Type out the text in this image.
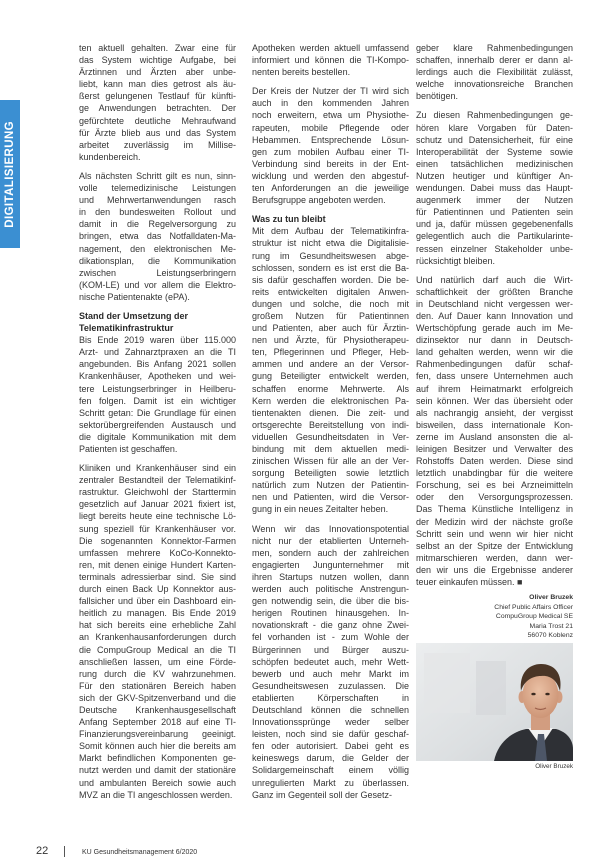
DIGITALISIERUNG

ten aktuell gehalten. Zwar eine für
das System wichtige Aufgabe, bei
Ärztinnen und Ärzten aber unbe-
liebt, kann man dies getrost als äu-
ßerst gelungenen Testlauf für künfti-
ge Anwendungen betrachten. Der
gefürchtete deutliche Mehraufwand
für Ärzte blieb aus und das System
arbeitet zuverlässig im Millise-
kundenbereich.

Als nächsten Schritt gilt es nun, sinn-
volle telemedizinische Leistungen
und Mehrwertanwendungen rasch
in den bundesweiten Rollout und
damit in die Regelversorgung zu
bringen, etwa das Notfalldaten-Ma-
nagement, den elektronischen Me-
dikationsplan, die Kommunikation
zwischen Leistungserbringern
(KOM-LE) und vor allem die Elektro-
nische Patientenakte (ePA).

Stand der Umsetzung der
Telematikinfrastruktur

Bis Ende 2019 waren über 115.000
Arzt- und Zahnarztpraxen an die TI
angebunden. Bis Anfang 2021 sollen
Krankenhäuser, Apotheken und wei-
tere Leistungserbringer in Heilberu-
fen folgen. Damit ist ein wichtiger
Schritt getan: Die Grundlage für einen
sektorübergreifenden Austausch und
die digitale Kommunikation mit dem
Patienten ist geschaffen.

Kliniken und Krankenhäuser sind ein
zentraler Bestandteil der Telematikinf-
rastruktur. Gleichwohl der Starttermin
gesetzlich auf Januar 2021 fixiert ist,
liegt bereits heute eine technische Lö-
sung speziell für Krankenhäuser vor.
Die sogenannten Konnektor-Farmen
umfassen mehrere KoCo-Konnekto-
ren, mit denen einige Hundert Karten-
terminals adressierbar sind. Sie sind
durch einen Back Up Konnektor aus-
fallsicher und über ein Dashboard ein-
heitlich zu managen. Bis Ende 2019
hat sich bereits eine erhebliche Zahl
an Krankenhausanforderungen durch
die CompuGroup Medical an die TI
anschließen lassen, um eine Förde-
rung durch die KV wahrzunehmen.
Für den stationären Bereich haben
sich der GKV-Spitzenverband und die
Deutsche Krankenhausgesellschaft
Anfang September 2018 auf eine TI-
Finanzierungsvereinbarung geeinigt.
Somit können auch hier die bereits am
Markt befindlichen Komponenten ge-
nutzt werden und damit der stationäre
und ambulanten Bereich sowie auch
MVZ an die TI angeschlossen werden.

Apotheken werden aktuell umfassend
informiert und können die TI-Kompo-
nenten bereits bestellen.

Der Kreis der Nutzer der TI wird sich
auch in den kommenden Jahren
noch erweitern, etwa um Physiothe-
rapeuten, mobile Pflegende oder
Hebammen. Entsprechende Lösun-
gen zum mobilen Aufbau einer TI-
Verbindung sind bereits in der Ent-
wicklung und werden den abgestuf-
ten Anforderungen an die jeweilige
Berufsgruppe angeboten werden.

Was zu tun bleibt

Mit dem Aufbau der Telematikinfra-
struktur ist nicht etwa die Digitalisie-
rung im Gesundheitswesen abge-
schlossen, sondern es ist erst die Ba-
sis dafür geschaffen worden. Die be-
reits entwickelten digitalen Anwen-
dungen und solche, die noch mit
großem Nutzen für Patientinnen
und Patienten, aber auch für Ärztin-
nen und Ärzte, für Physiotherapeu-
ten, Pflegerinnen und Pfleger, Heb-
ammen und andere an der Versor-
gung Beteiligter entwickelt werden,
schaffen enorme Mehrwerte. Als
Kern werden die elektronischen Pa-
tientenakten dienen. Die zeit- und
ortsgerechte Bereitstellung von indi-
viduellen Gesundheitsdaten in Ver-
bindung mit dem aktuellen medi-
zinischen Wissen für alle an der Ver-
sorgung Beteiligten sowie letztlich
natürlich zum Nutzen der Patientin-
nen und Patienten, wird die Versor-
gung in ein neues Zeitalter heben.

Wenn wir das Innovationspotential
nicht nur der etablierten Unterneh-
men, sondern auch der zahlreichen
engagierten Jungunternehmer mit
ihren Startups nutzen wollen, dann
werden auch politische Anstrengun-
gen notwendig sein, die über die bis-
herigen Routinen hinausgehen. In-
novationskraft - die ganz ohne Zwei-
fel vorhanden ist - zum Wohle der
Bürgerinnen und Bürger auszu-
schöpfen bedeutet auch, mehr Wett-
bewerb und auch mehr Markt im
Gesundheitswesen zuzulassen. Die
etablierten Körperschaften in
Deutschland können die schnellen
Innovationssprünge weder selber
leisten, noch sind sie dafür geschaf-
fen oder autorisiert. Dabei geht es
keineswegs darum, die Gelder der
Solidargemeinschaft einem völlig
unregulierten Markt zu überlassen.
Ganz im Gegenteil soll der Gesetz-

geber klare Rahmenbedingungen
schaffen, innerhalb derer er dann al-
lerdings auch die Flexibilität zulässt,
welche innovationsreiche Branchen
benötigen.

Zu diesen Rahmenbedingungen ge-
hören klare Vorgaben für Daten-
schutz und Datensicherheit, für eine
Interoperabilität der Systeme sowie
einen tatsächlichen medizinischen
Nutzen heutiger und künftiger An-
wendungen. Dabei muss das Haupt-
augenmerk immer der Nutzen
für Patientinnen und Patienten sein
und ja, dafür müssen gegebenenfalls
gelegentlich auch die Partikularinte-
ressen einzelner Stakeholder unbe-
rücksichtigt bleiben.

Und natürlich darf auch die Wirt-
schaftlichkeit der größten Branche
in Deutschland nicht vergessen wer-
den. Auf Dauer kann Innovation und
Wertschöpfung gerade auch im Me-
dizinsektor nur dann in Deutsch-
land gehalten werden, wenn wir die
Rahmenbedingungen dafür schaf-
fen, dass unsere Unternehmen auch
auf ihrem Heimatmarkt erfolgreich
sein können. Wer das übersieht oder
als nachrangig ansieht, der vergisst
bisweilen, dass internationale Kon-
zerne im Ausland ansonsten die al-
leinigen Besitzer und Verwalter des
Rohstoffs Daten werden. Diese sind
letztlich unabdingbar für die weitere
Forschung, sei es bei Arzneimitteln
oder den Versorgungsprozessen.
Das Thema Künstliche Intelligenz in
der Medizin wird der nächste große
Schritt sein und wenn wir hier nicht
selbst an der Spitze der Entwicklung
mitmarschieren werden, dann wer-
den wir uns die Ergebnisse anderer
teuer einkaufen müssen. ■

Oliver Bruzek
Chief Public Affairs Officer
CompuGroup Medical SE
Maria Trost 21
56070 Koblenz
Oliver Bruzek
22	KU Gesundheitsmanagement 6/2020
